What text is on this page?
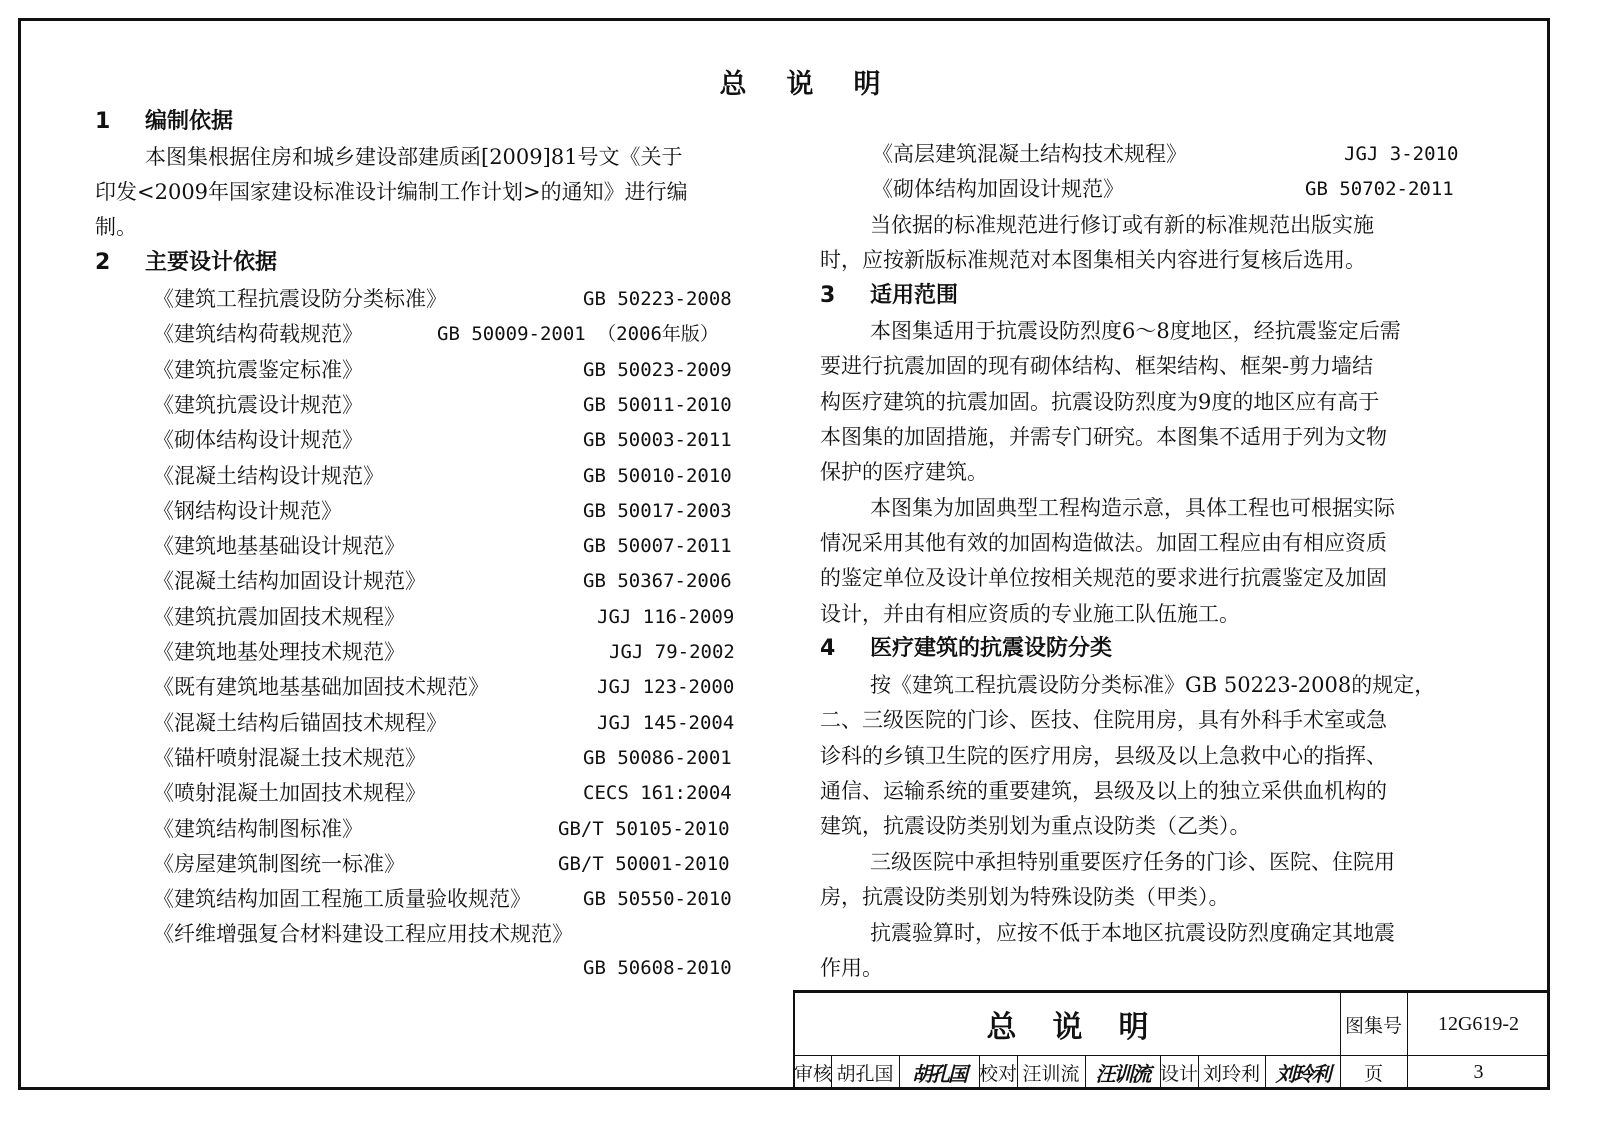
总说明
1 编制依据
本图集根据住房和城乡建设部建质函[2009]81号文《关于
印发<2009年国家建设标准设计编制工作计划>的通知》进行编
制。
2 主要设计依据
《建筑工程抗震设防分类标准》	GB 50223-2008
《建筑结构荷载规范》	GB 50009-2001 （2006年版）
《建筑抗震鉴定标准》	GB 50023-2009
《建筑抗震设计规范》	GB 50011-2010
《砌体结构设计规范》	GB 50003-2011
《混凝土结构设计规范》	GB 50010-2010
《钢结构设计规范》	GB 50017-2003
《建筑地基基础设计规范》	GB 50007-2011
《混凝土结构加固设计规范》	GB 50367-2006
《建筑抗震加固技术规程》	JGJ 116-2009
《建筑地基处理技术规范》	JGJ 79-2002
《既有建筑地基基础加固技术规范》	JGJ 123-2000
《混凝土结构后锚固技术规程》	JGJ 145-2004
《锚杆喷射混凝土技术规范》	GB 50086-2001
《喷射混凝土加固技术规程》	CECS 161:2004
《建筑结构制图标准》	GB/T 50105-2010
《房屋建筑制图统一标准》	GB/T 50001-2010
《建筑结构加固工程施工质量验收规范》	GB 50550-2010
《纤维增强复合材料建设工程应用技术规范》
GB 50608-2010
《高层建筑混凝土结构技术规程》	JGJ 3-2010
《砌体结构加固设计规范》	GB 50702-2011
当依据的标准规范进行修订或有新的标准规范出版实施
时，应按新版标准规范对本图集相关内容进行复核后选用。
3 适用范围
本图集适用于抗震设防烈度6～8度地区，经抗震鉴定后需
要进行抗震加固的现有砌体结构、框架结构、框架-剪力墙结
构医疗建筑的抗震加固。抗震设防烈度为9度的地区应有高于
本图集的加固措施，并需专门研究。本图集不适用于列为文物
保护的医疗建筑。
本图集为加固典型工程构造示意，具体工程也可根据实际
情况采用其他有效的加固构造做法。加固工程应由有相应资质
的鉴定单位及设计单位按相关规范的要求进行抗震鉴定及加固
设计，并由有相应资质的专业施工队伍施工。
4 医疗建筑的抗震设防分类
按《建筑工程抗震设防分类标准》GB 50223-2008的规定，
二、三级医院的门诊、医技、住院用房，具有外科手术室或急
诊科的乡镇卫生院的医疗用房，县级及以上急救中心的指挥、
通信、运输系统的重要建筑，县级及以上的独立采供血机构的
建筑，抗震设防类别划为重点设防类（乙类）。
三级医院中承担特别重要医疗任务的门诊、医院、住院用
房，抗震设防类别划为特殊设防类（甲类）。
抗震验算时，应按不低于本地区抗震设防烈度确定其地震
作用。
总说明	图集号	12G619-2
审核 胡孔国 胡孔国 校对 汪训流 汪训流 设计 刘玲利 刘玲利	页	3
